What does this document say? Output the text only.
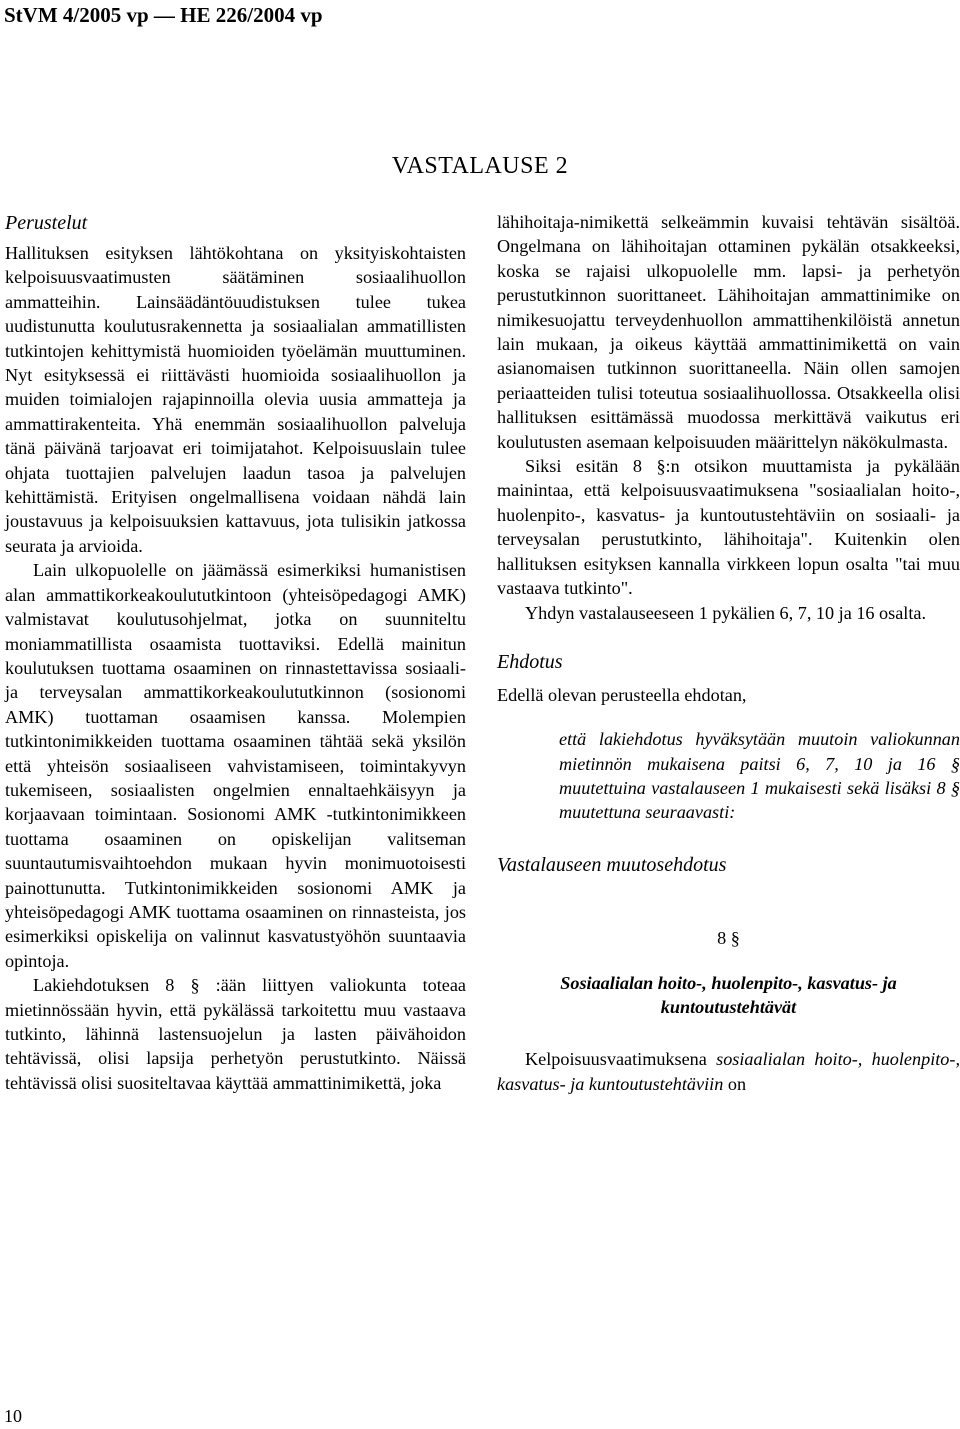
StVM 4/2005 vp — HE 226/2004 vp
VASTALAUSE 2

Perustelut

Hallituksen esityksen lähtökohtana on yksityiskohtaisten kelpoisuusvaatimusten säätäminen sosiaalihuollon ammatteihin. Lainsäädäntöuudistuksen tulee tukea uudistunutta koulutusrakennetta ja sosiaalialan ammatillisten tutkintojen kehittymistä huomioiden työelämän muuttuminen. Nyt esityksessä ei riittävästi huomioida sosiaalihuollon ja muiden toimialojen rajapinnoilla olevia uusia ammatteja ja ammattirakenteita. Yhä enemmän sosiaalihuollon palveluja tänä päivänä tarjoavat eri toimijatahot. Kelpoisuuslain tulee ohjata tuottajien palvelujen laadun tasoa ja palvelujen kehittämistä. Erityisen ongelmallisena voidaan nähdä lain joustavuus ja kelpoisuuksien kattavuus, jota tulisikin jatkossa seurata ja arvioida.

Lain ulkopuolelle on jäämässä esimerkiksi humanistisen alan ammattikorkeakoulututkintoon (yhteisöpedagogi AMK) valmistavat koulutusohjelmat, jotka on suunniteltu moniammatillista osaamista tuottaviksi. Edellä mainitun koulutuksen tuottama osaaminen on rinnastettavissa sosiaali- ja terveysalan ammattikorkeakoulututkinnon (sosionomi AMK) tuottaman osaamisen kanssa. Molempien tutkintonimikkeiden tuottama osaaminen tähtää sekä yksilön että yhteisön sosiaaliseen vahvistamiseen, toimintakyvyn tukemiseen, sosiaalisten ongelmien ennaltaehkäisyyn ja korjaavaan toimintaan. Sosionomi AMK -tutkintonimikkeen tuottama osaaminen on opiskelijan valitseman suuntautumisvaihtoehdon mukaan hyvin monimuotoisesti painottunutta. Tutkintonimikkeiden sosionomi AMK ja yhteisöpedagogi AMK tuottama osaaminen on rinnasteista, jos esimerkiksi opiskelija on valinnut kasvatustyöhön suuntaavia opintoja.

Lakiehdotuksen 8 § :ään liittyen valiokunta toteaa mietinnössään hyvin, että pykälässä tarkoitettu muu vastaava tutkinto, lähinnä lastensuojelun ja lasten päivähoidon tehtävissä, olisi lapsija perhetyön perustutkinto. Näissä tehtävissä olisi suositeltavaa käyttää ammattinimikettä, joka

lähihoitaja-nimikettä selkeämmin kuvaisi tehtävän sisältöä. Ongelmana on lähihoitajan ottaminen pykälän otsakkeeksi, koska se rajaisi ulkopuolelle mm. lapsi- ja perhetyön perustutkinnon suorittaneet. Lähihoitajan ammattinimike on nimikesuojattu terveydenhuollon ammattihenkilöistä annetun lain mukaan, ja oikeus käyttää ammattinimikettä on vain asianomaisen tutkinnon suorittaneella. Näin ollen samojen periaatteiden tulisi toteutua sosiaalihuollossa. Otsakkeella olisi hallituksen esittämässä muodossa merkittävä vaikutus eri koulutusten asemaan kelpoisuuden määrittelyn näkökulmasta.

Siksi esitän 8 §:n otsikon muuttamista ja pykälään mainintaa, että kelpoisuusvaatimuksena "sosiaalialan hoito-, huolenpito-, kasvatus- ja kuntoutustehtäviin on sosiaali- ja terveysalan perustutkinto, lähihoitaja". Kuitenkin olen hallituksen esityksen kannalla virkkeen lopun osalta "tai muu vastaava tutkinto".

Yhdyn vastalauseeseen 1 pykälien 6, 7, 10 ja 16 osalta.

Ehdotus

Edellä olevan perusteella ehdotan,

että lakiehdotus hyväksytään muutoin valiokunnan mietinnön mukaisena paitsi 6, 7, 10 ja 16 § muutettuina vastalauseen 1 mukaisesti sekä lisäksi 8 § muutettuna seuraavasti:

Vastalauseen muutosehdotus

8 §

Sosiaalialan hoito-, huolenpito-, kasvatus- ja kuntoutustehtävät

Kelpoisuusvaatimuksena sosiaalialan hoito-, huolenpito-, kasvatus- ja kuntoutustehtäviin on

10
